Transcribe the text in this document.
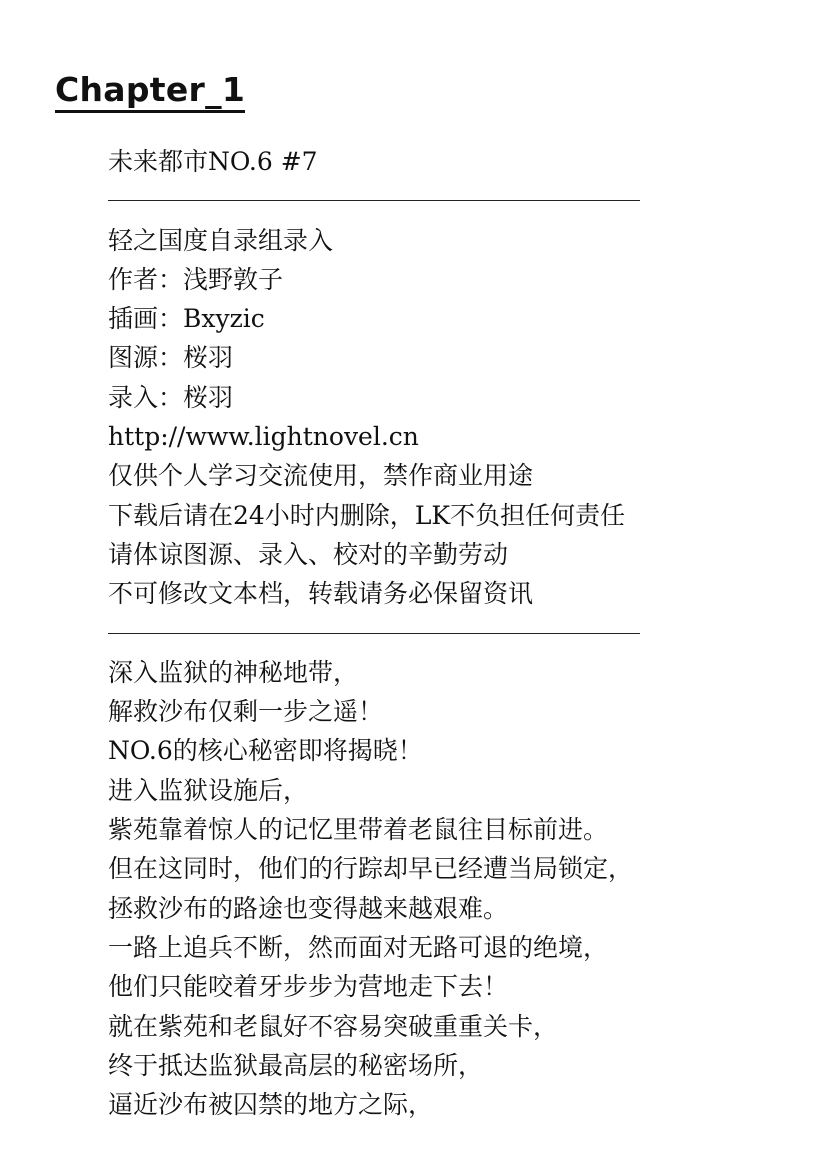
Chapter_1
未来都市NO.6 #7
轻之国度自录组录入
作者：浅野敦子
插画：Bxyzic
图源：桜羽
录入：桜羽
http://www.lightnovel.cn
仅供个人学习交流使用，禁作商业用途
下载后请在24小时内删除，LK不负担任何责任
请体谅图源、录入、校对的辛勤劳动
不可修改文本档，转载请务必保留资讯
深入监狱的神秘地带，
解救沙布仅剩一步之遥！
NO.6的核心秘密即将揭晓！
进入监狱设施后，
紫苑靠着惊人的记忆里带着老鼠往目标前进。
但在这同时，他们的行踪却早已经遭当局锁定，
拯救沙布的路途也变得越来越艰难。
一路上追兵不断，然而面对无路可退的绝境，
他们只能咬着牙步步为营地走下去！
就在紫苑和老鼠好不容易突破重重关卡，
终于抵达监狱最高层的秘密场所，
逼近沙布被囚禁的地方之际，
